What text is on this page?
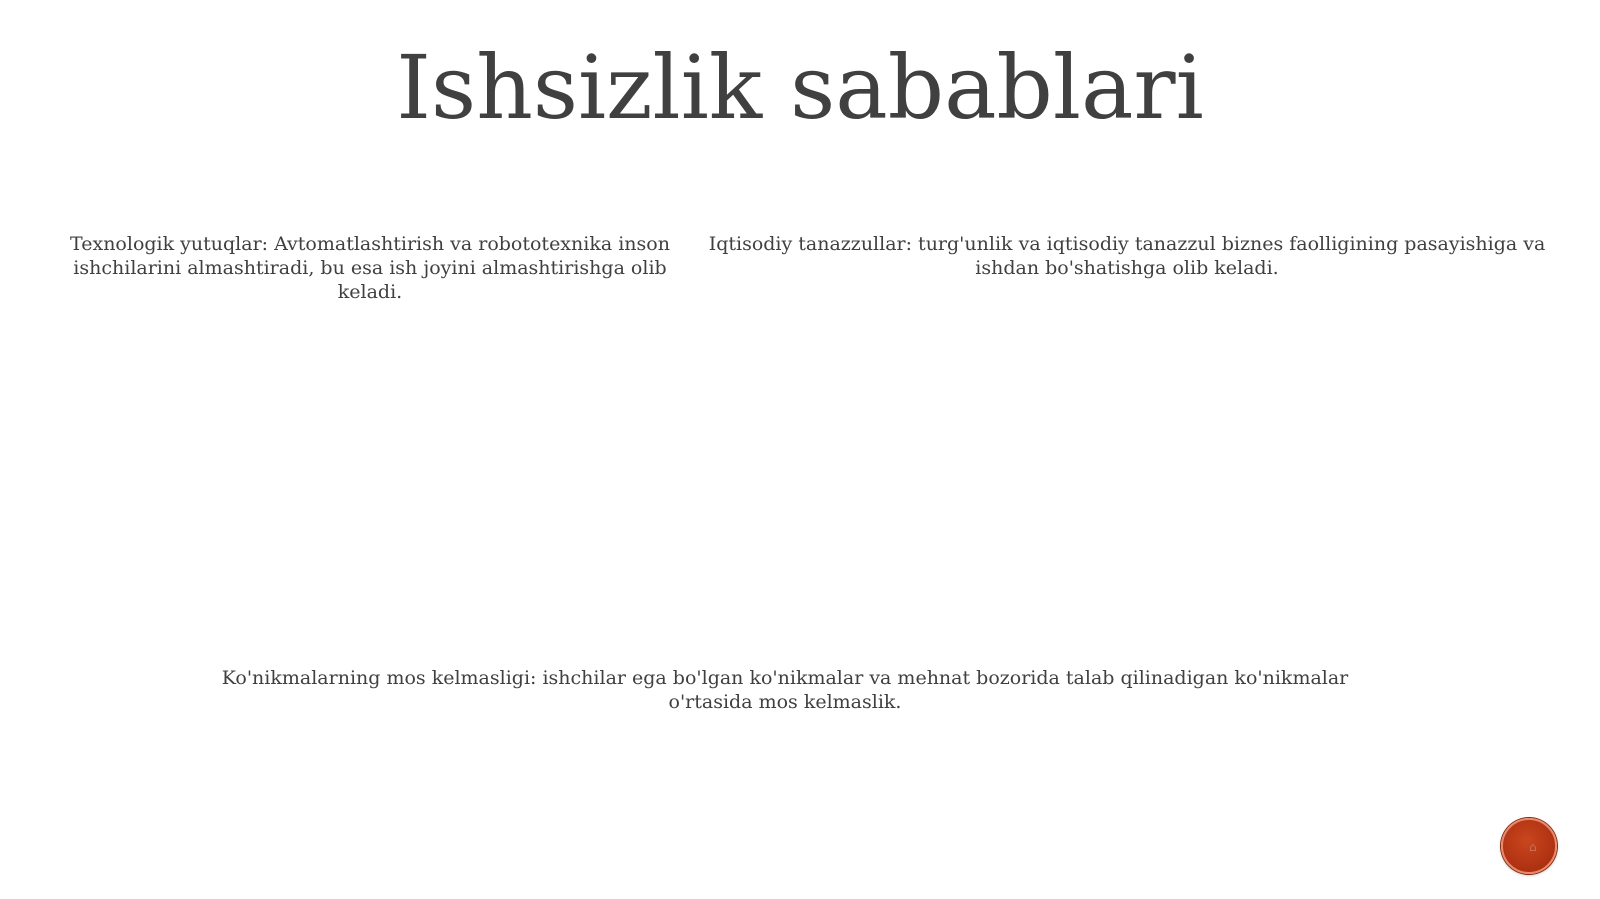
Ishsizlik sabablari

Texnologik yutuqlar: Avtomatlashtirish va robototexnika inson ishchilarini almashtiradi, bu esa ish joyini almashtirishga olib keladi.

Iqtisodiy tanazzullar: turg'unlik va iqtisodiy tanazzul biznes faolligining pasayishiga va ishdan bo'shatishga olib keladi.

Ko'nikmalarning mos kelmasligi: ishchilar ega bo'lgan ko'nikmalar va mehnat bozorida talab qilinadigan ko'nikmalar o'rtasida mos kelmaslik.

⌂
